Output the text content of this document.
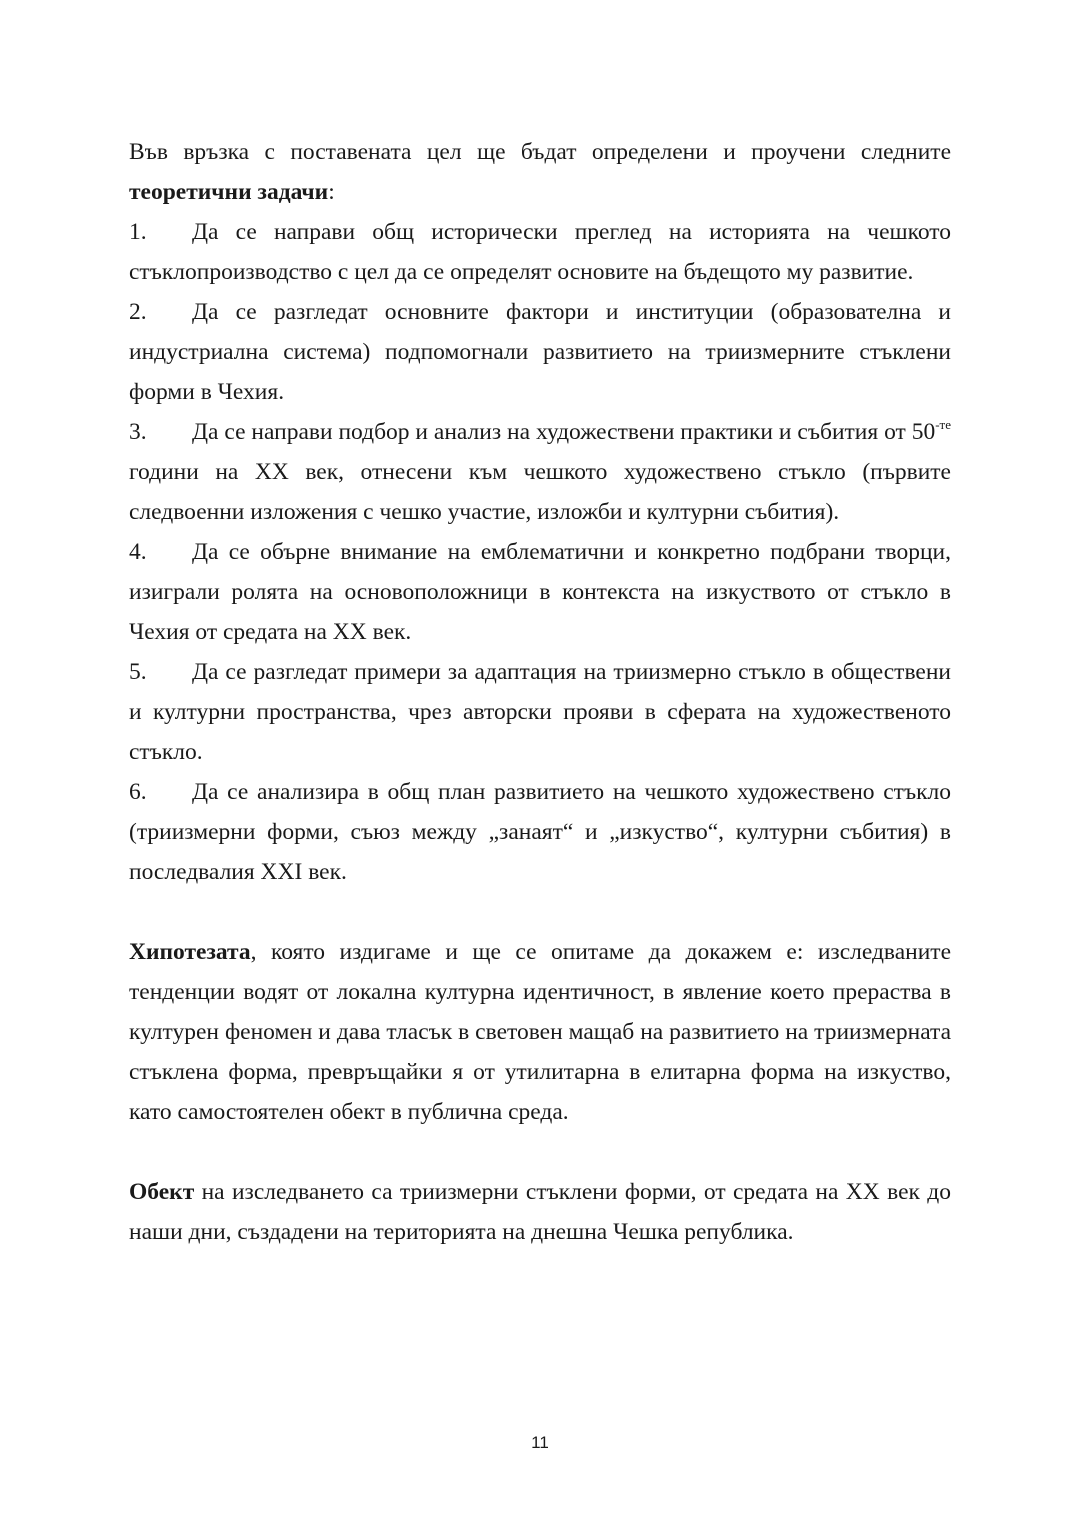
Във връзка с поставената цел ще бъдат определени и проучени следните теоретични задачи:

1. Да се направи общ исторически преглед на историята на чешкото стъклопроизводство с цел да се определят основите на бъдещото му развитие.

2. Да се разгледат основните фактори и институции (образователна и индустриална система) подпомогнали развитието на триизмерните стъклени форми в Чехия.

3. Да се направи подбор и анализ на художествени практики и събития от $50^{-те}$ години на ХХ век, отнесени към чешкото художествено стъкло (първите следвоенни изложения с чешко участие, изложби и културни събития).

4. Да се обърне внимание на емблематични и конкретно подбрани творци, изиграли ролята на основоположници в контекста на изкуството от стъкло в Чехия от средата на ХХ век.

5. Да се разгледат примери за адаптация на триизмерно стъкло в обществени и културни пространства, чрез авторски прояви в сферата на художественото стъкло.

6. Да се анализира в общ план развитието на чешкото художествено стъкло (триизмерни форми, съюз между „занаят“ и „изкуство“, културни събития) в последвалия ХХI век.

Хипотезата, която издигаме и ще се опитаме да докажем е: изследваните тенденции водят от локална културна идентичност, в явление което прераства в културен феномен и дава тласък в световен мащаб на развитието на триизмерната стъклена форма, превръщайки я от утилитарна в елитарна форма на изкуство, като самостоятелен обект в публична среда.

Обект на изследването са триизмерни стъклени форми, от средата на ХХ век до наши дни, създадени на територията на днешна Чешка република.

11
